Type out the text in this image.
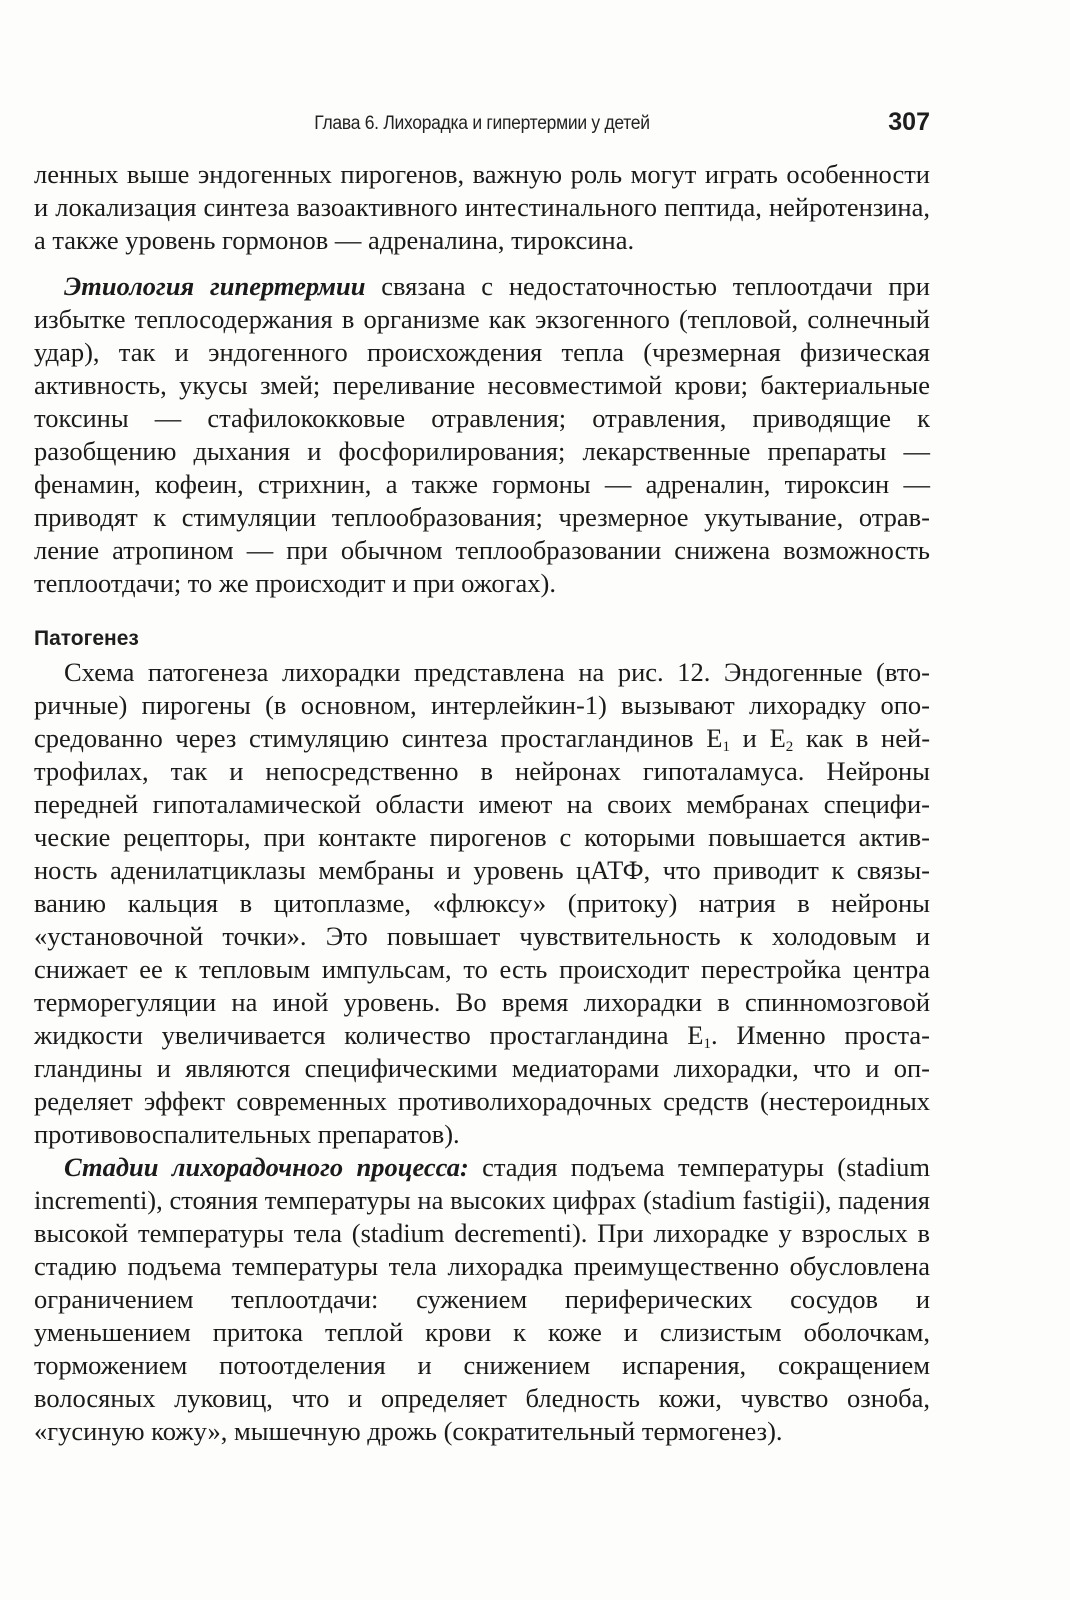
Глава 6. Лихорадка и гипертермии у детей	307

ленных выше эндогенных пирогенов, важную роль могут играть особенности и локализация синтеза вазоактивного интестинального пептида, нейротензина, а также уровень гормонов — адреналина, тироксина.

Этиология гипертермии связана с недостаточностью теплоотдачи при избытке теплосодержания в организме как экзогенного (тепловой, солнечный удар), так и эндогенного происхождения тепла (чрезмерная физическая активность, укусы змей; переливание несовместимой крови; бактериальные токсины — стафилококковые отравления; отравления, приводящие к разобщению дыхания и фосфорилирования; лекарственные препараты — фенамин, кофеин, стрихнин, а также гормоны — адреналин, тироксин — приводят к стимуляции теплообразования; чрезмерное укутывание, отравление атропином — при обычном теплообразовании снижена возможность теплоотдачи; то же происходит и при ожогах).

Патогенез

Схема патогенеза лихорадки представлена на рис. 12. Эндогенные (вторичные) пирогены (в основном, интерлейкин-1) вызывают лихорадку опосредованно через стимуляцию синтеза простагландинов $Е_1$ и $Е_2$ как в нейтрофилах, так и непосредственно в нейронах гипоталамуса. Нейроны передней гипоталамической области имеют на своих мембранах специфические рецепторы, при контакте пирогенов с которыми повышается активность аденилатциклазы мембраны и уровень цАТФ, что приводит к связыванию кальция в цитоплазме, «флюксу» (притоку) натрия в нейроны «установочной точки». Это повышает чувствительность к холодовым и снижает ее к тепловым импульсам, то есть происходит перестройка центра терморегуляции на иной уровень. Во время лихорадки в спинномозговой жидкости увеличивается количество простагландина $Е_1$. Именно простагландины и являются специфическими медиаторами лихорадки, что и определяет эффект современных противолихорадочных средств (нестероидных противовоспалительных препаратов).

Стадии лихорадочного процесса: стадия подъема температуры (stadium incrementi), стояния температуры на высоких цифрах (stadium fastigii), падения высокой температуры тела (stadium decrementi). При лихорадке у взрослых в стадию подъема температуры тела лихорадка преимущественно обусловлена ограничением теплоотдачи: сужением периферических сосудов и уменьшением притока теплой крови к коже и слизистым оболочкам, торможением потоотделения и снижением испарения, сокращением волосяных луковиц, что и определяет бледность кожи, чувство озноба, «гусиную кожу», мышечную дрожь (сократительный термогенез).
